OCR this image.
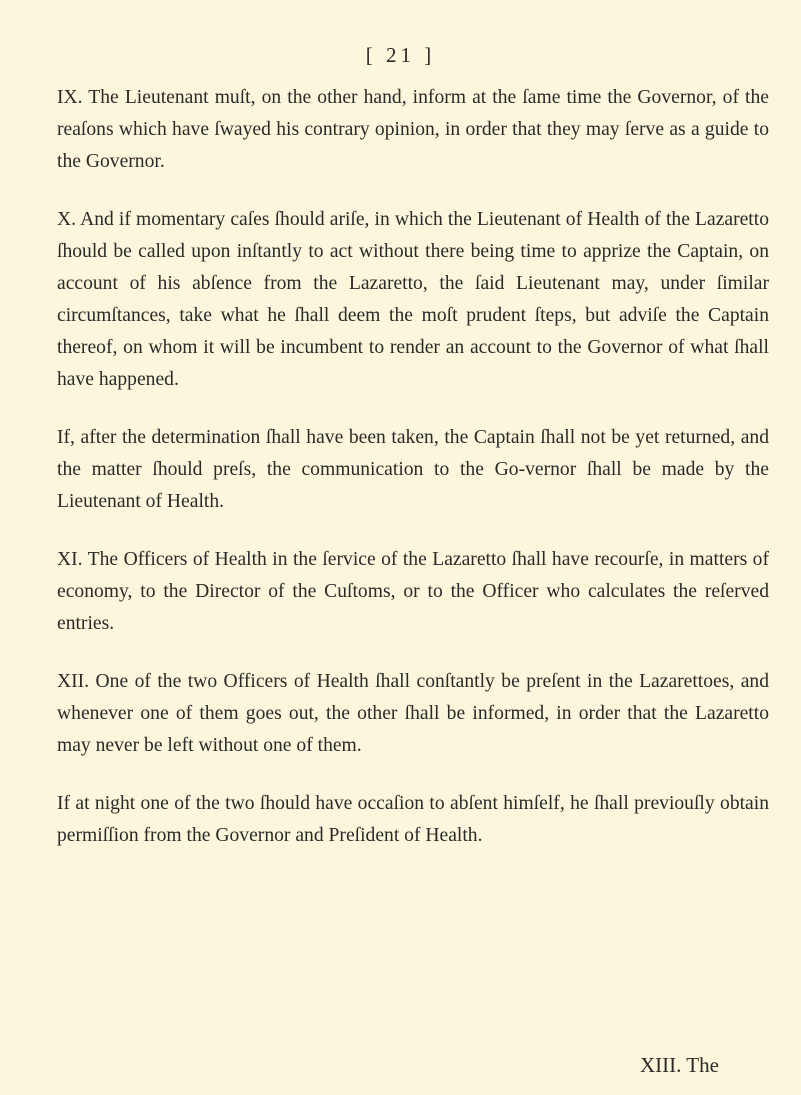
[ 21 ]

IX. The Lieutenant muſt, on the other hand, inform at the ſame time the Governor, of the reaſons which have ſwayed his contrary opinion, in order that they may ſerve as a guide to the Governor.

X. And if momentary caſes ſhould ariſe, in which the Lieutenant of Health of the Lazaretto ſhould be called upon inſtantly to act without there being time to apprize the Captain, on account of his abſence from the Lazaretto, the ſaid Lieutenant may, under ſimilar circumſtances, take what he ſhall deem the moſt prudent ſteps, but adviſe the Captain thereof, on whom it will be incumbent to render an account to the Governor of what ſhall have happened.

If, after the determination ſhall have been taken, the Captain ſhall not be yet returned, and the matter ſhould preſs, the communication to the Go-vernor ſhall be made by the Lieutenant of Health.

XI. The Officers of Health in the ſervice of the Lazaretto ſhall have recourſe, in matters of economy, to the Director of the Cuſtoms, or to the Officer who calculates the reſerved entries.

XII. One of the two Officers of Health ſhall conſtantly be preſent in the Lazarettoes, and whenever one of them goes out, the other ſhall be informed, in order that the Lazaretto may never be left without one of them.

If at night one of the two ſhould have occaſion to abſent himſelf, he ſhall previouſly obtain permiſſion from the Governor and Preſident of Health.

XIII. The
